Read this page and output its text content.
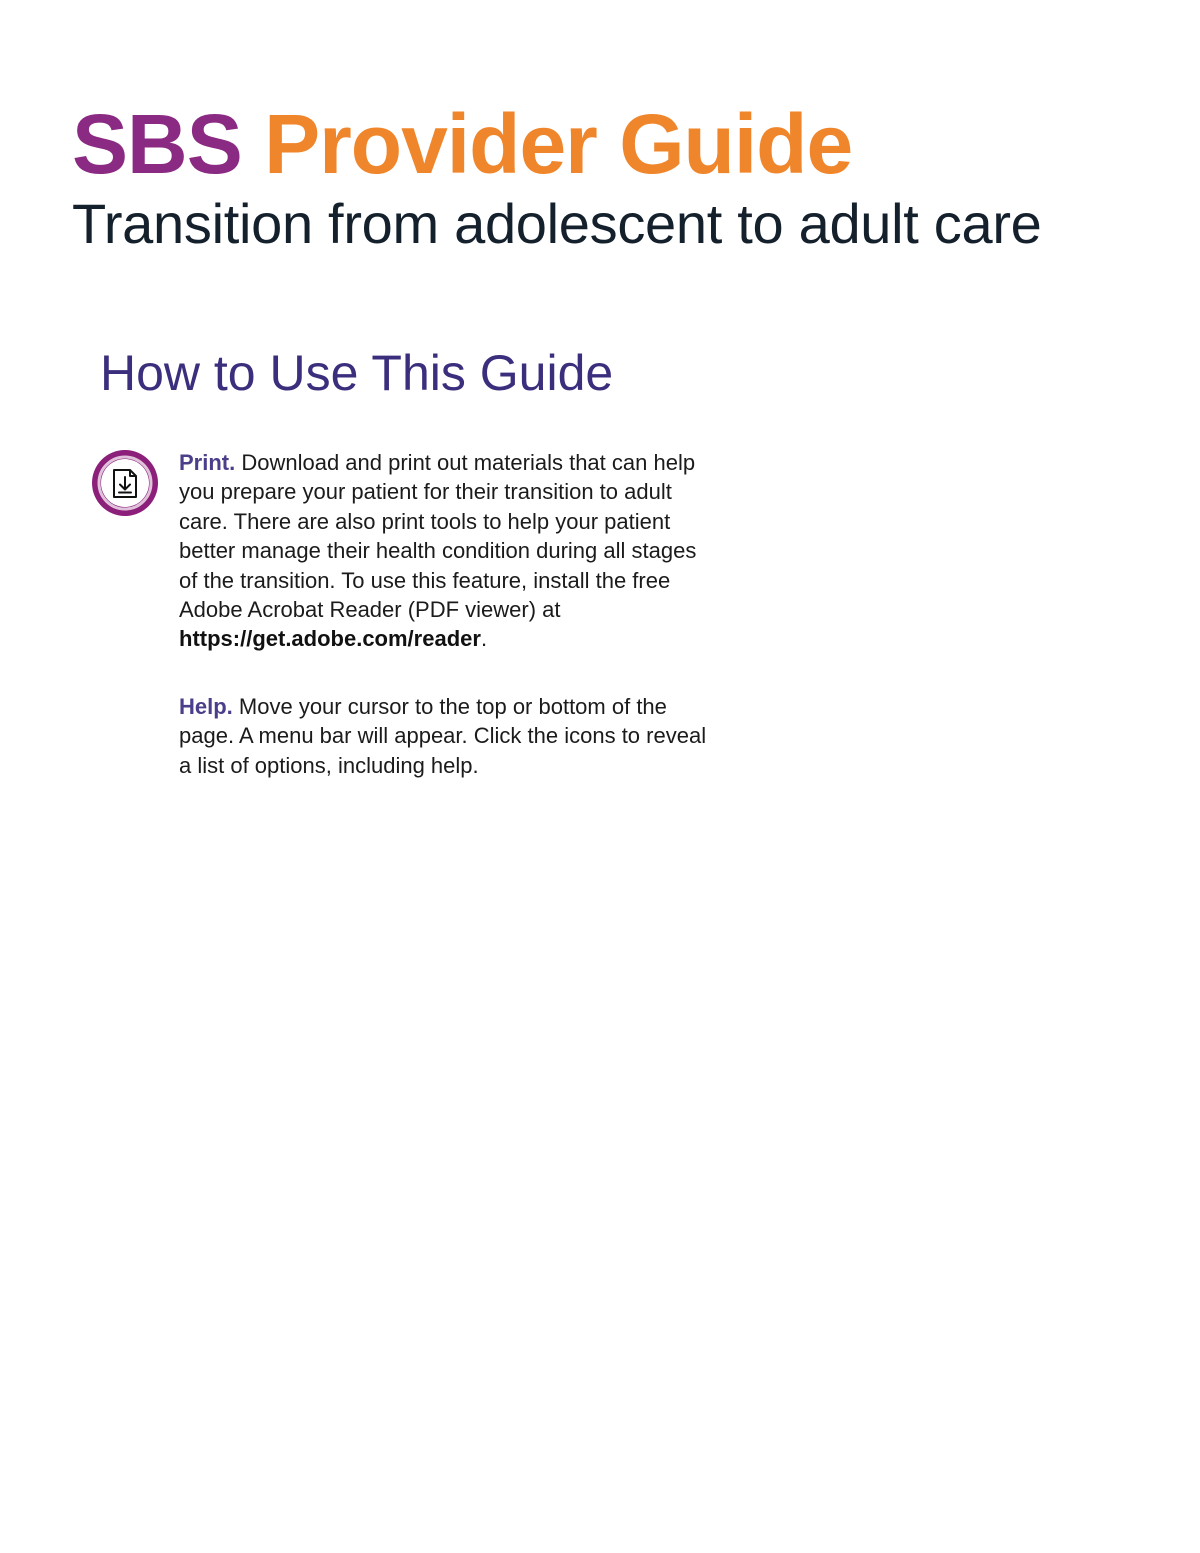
SBS Provider Guide
Transition from adolescent to adult care
How to Use This Guide

Print. Download and print out materials that can help you prepare your patient for their transition to adult care. There are also print tools to help your patient better manage their health condition during all stages of the transition. To use this feature, install the free Adobe Acrobat Reader (PDF viewer) at https://get.adobe.com/reader.

Help. Move your cursor to the top or bottom of the page. A menu bar will appear. Click the icons to reveal a list of options, including help.
